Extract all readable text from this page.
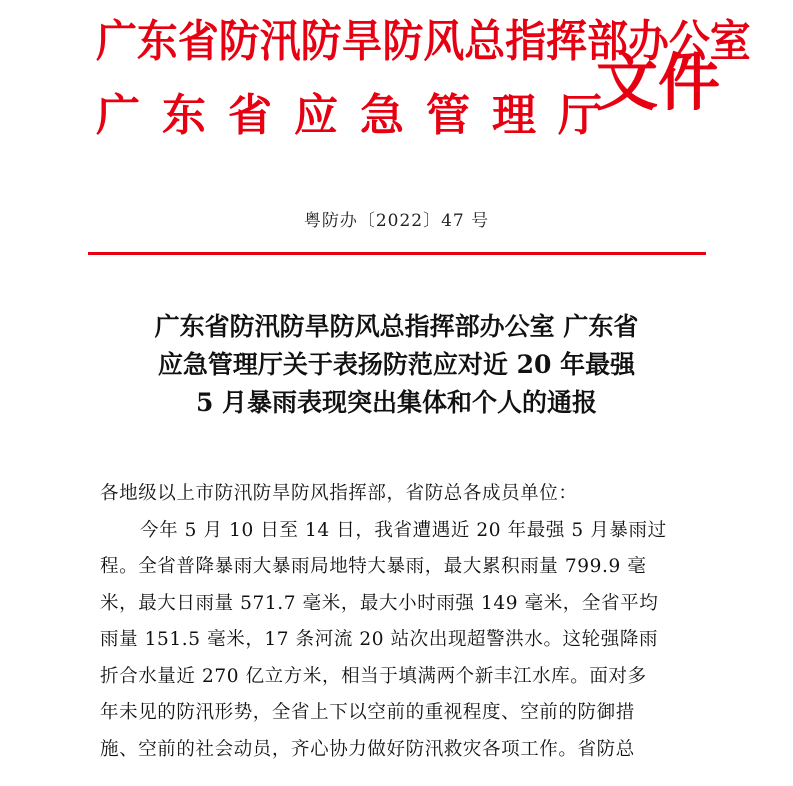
广东省防汛防旱防风总指挥部办公室
广东省应急管理厅
文件
粤防办〔2022〕47 号
广东省防汛防旱防风总指挥部办公室 广东省
应急管理厅关于表扬防范应对近 20 年最强
5 月暴雨表现突出集体和个人的通报
各地级以上市防汛防旱防风指挥部，省防总各成员单位：
今年 5 月 10 日至 14 日，我省遭遇近 20 年最强 5 月暴雨过
程。全省普降暴雨大暴雨局地特大暴雨，最大累积雨量 799.9 毫
米，最大日雨量 571.7 毫米，最大小时雨强 149 毫米，全省平均
雨量 151.5 毫米，17 条河流 20 站次出现超警洪水。这轮强降雨
折合水量近 270 亿立方米，相当于填满两个新丰江水库。面对多
年未见的防汛形势，全省上下以空前的重视程度、空前的防御措
施、空前的社会动员，齐心协力做好防汛救灾各项工作。省防总
